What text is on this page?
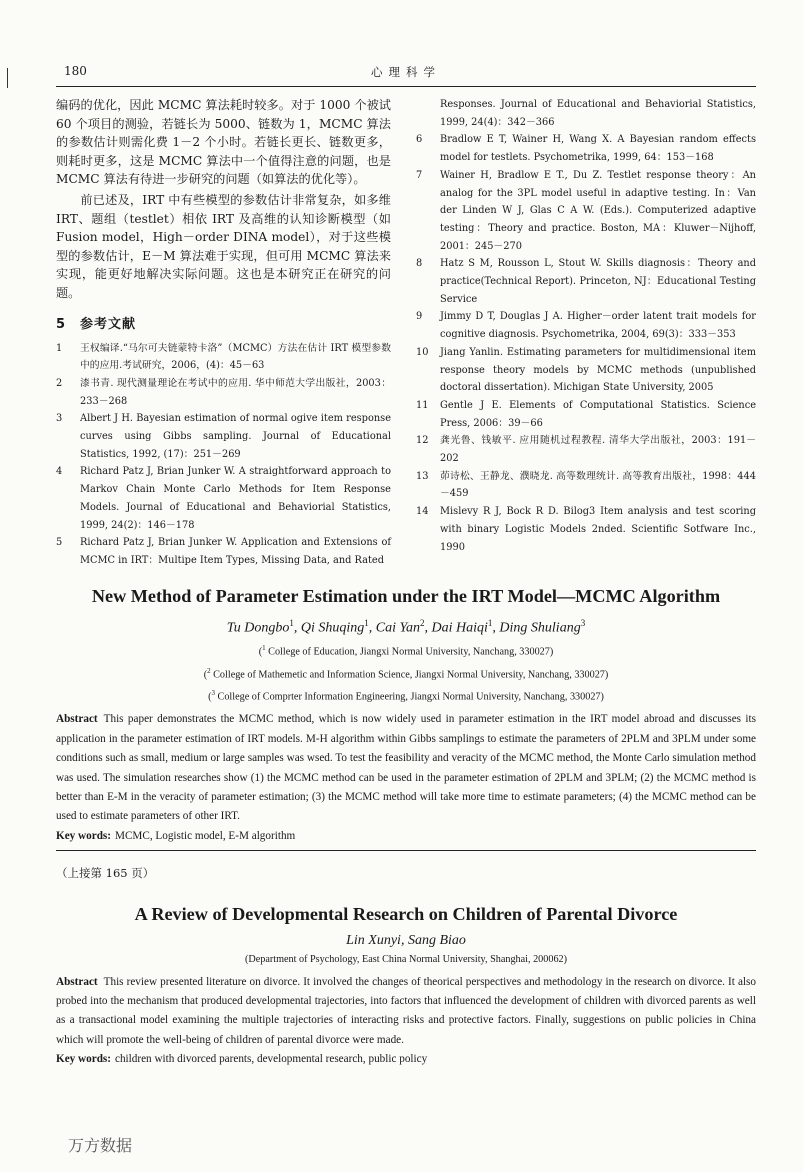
180	心理科学

编码的优化，因此 MCMC 算法耗时较多。对于 1000 个被试 60 个项目的测验，若链长为 5000、链数为 1，MCMC 算法的参数估计则需化费 1－2 个小时。若链长更长、链数更多，则耗时更多，这是 MCMC 算法中一个值得注意的问题，也是 MCMC 算法有待进一步研究的问题（如算法的优化等）。

前已述及，IRT 中有些模型的参数估计非常复杂，如多维 IRT、题组（testlet）相依 IRT 及高维的认知诊断模型（如 Fusion model，High－order DINA model），对于这些模型的参数估计，E－M 算法难于实现，但可用 MCMC 算法来实现，能更好地解决实际问题。这也是本研究正在研究的问题。

5　参考文献
1	王权编译.“马尔可夫链蒙特卡洛”（MCMC）方法在估计 IRT 模型参数中的应用.考试研究，2006，(4)：45－63
2	漆书青. 现代测量理论在考试中的应用. 华中师范大学出版社，2003：233－268
3	Albert J H. Bayesian estimation of normal ogive item response curves using Gibbs sampling. Journal of Educational Statistics, 1992, (17)：251－269
4	Richard Patz J, Brian Junker W. A straightforward approach to Markov Chain Monte Carlo Methods for Item Response Models. Journal of Educational and Behaviorial Statistics, 1999, 24(2)：146－178
5	Richard Patz J, Brian Junker W. Application and Extensions of MCMC in IRT：Multipe Item Types, Missing Data, and Rated
Responses. Journal of Educational and Behaviorial Statistics, 1999, 24(4)：342－366
6	Bradlow E T, Wainer H, Wang X. A Bayesian random effects model for testlets. Psychometrika, 1999, 64：153－168
7	Wainer H, Bradlow E T., Du Z. Testlet response theory：An analog for the 3PL model useful in adaptive testing. In：Van der Linden W J, Glas C A W. (Eds.). Computerized adaptive testing：Theory and practice. Boston, MA：Kluwer－Nijhoff, 2001：245－270
8	Hatz S M, Rousson L, Stout W. Skills diagnosis：Theory and practice(Technical Report). Princeton, NJ：Educational Testing Service
9	Jimmy D T, Douglas J A. Higher－order latent trait models for cognitive diagnosis. Psychometrika, 2004, 69(3)：333－353
10	Jiang Yanlin. Estimating parameters for multidimensional item response theory models by MCMC methods (unpublished doctoral dissertation). Michigan State University, 2005
11	Gentle J E. Elements of Computational Statistics. Science Press, 2006：39－66
12	龚光鲁、钱敏平. 应用随机过程教程. 清华大学出版社，2003：191－202
13	茆诗松、王静龙、濮晓龙. 高等数理统计. 高等教育出版社，1998：444－459
14	Mislevy R J, Bock R D. Bilog3 Item analysis and test scoring with binary Logistic Models 2nded. Scientific Sotfware Inc., 1990
New Method of Parameter Estimation under the IRT Model—MCMC Algorithm
Tu Dongbo$^1$, Qi Shuqing$^1$, Cai Yan$^2$, Dai Haiqi$^1$, Ding Shuliang$^3$
($^1$ College of Education, Jiangxi Normal University, Nanchang, 330027)
($^2$ College of Mathemetic and Information Science, Jiangxi Normal University, Nanchang, 330027)
($^3$ College of Comprter Information Engineering, Jiangxi Normal University, Nanchang, 330027)
Abstract This paper demonstrates the MCMC method, which is now widely used in parameter estimation in the IRT model abroad and discusses its application in the parameter estimation of IRT models. M-H algorithm within Gibbs samplings to estimate the parameters of 2PLM and 3PLM under some conditions such as small, medium or large samples was wsed. To test the feasibility and veracity of the MCMC method, the Monte Carlo simulation method was used. The simulation researches show (1) the MCMC method can be used in the parameter estimation of 2PLM and 3PLM; (2) the MCMC method is better than E-M in the veracity of parameter estimation; (3) the MCMC method will take more time to estimate parameters; (4) the MCMC method can be used to estimate parameters of other IRT.
Key words: MCMC, Logistic model, E-M algorithm
（上接第 165 页）
A Review of Developmental Research on Children of Parental Divorce
Lin Xunyi, Sang Biao
(Department of Psychology, East China Normal University, Shanghai, 200062)
Abstract This review presented literature on divorce. It involved the changes of theorical perspectives and methodology in the research on divorce. It also probed into the mechanism that produced developmental trajectories, into factors that influenced the development of children with divorced parents as well as a transactional model examining the multiple trajectories of interacting risks and protective factors. Finally, suggestions on public policies in China which will promote the well-being of children of parental divorce were made.
Key words: children with divorced parents, developmental research, public policy
万方数据
